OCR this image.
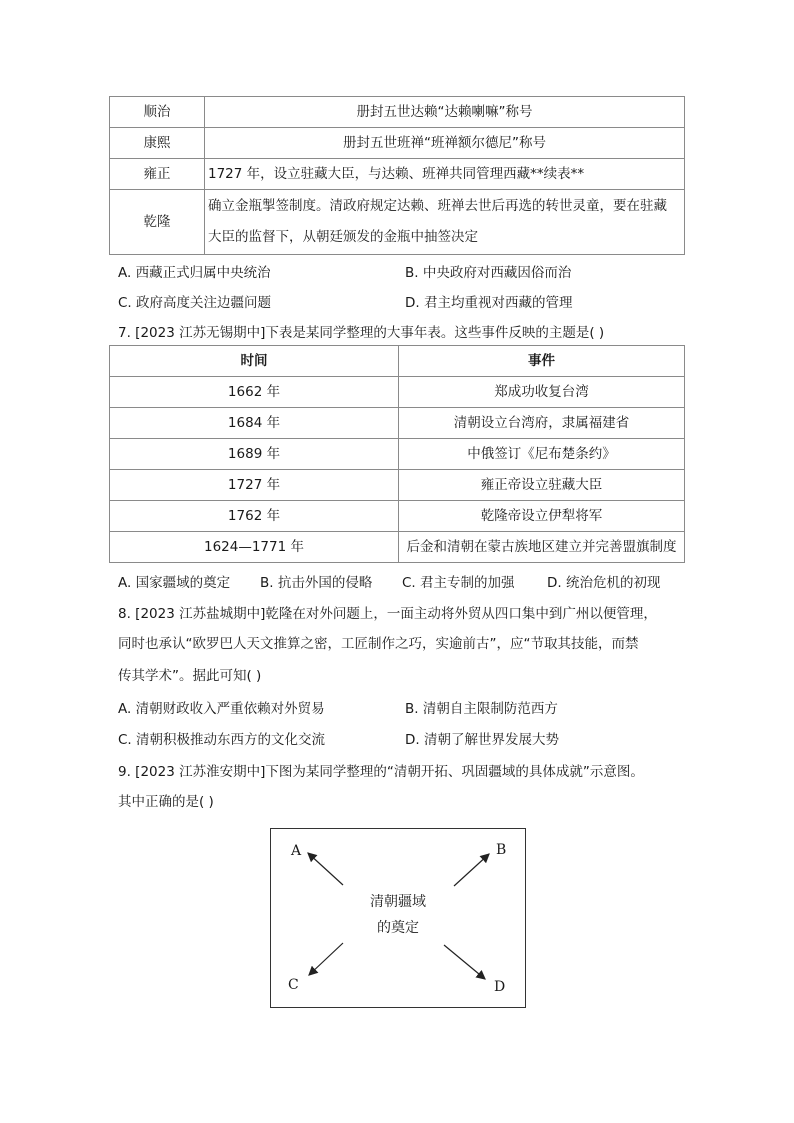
顺治	册封五世达赖“达赖喇嘛”称号
康熙	册封五世班禅“班禅额尔德尼”称号
雍正	1727 年，设立驻藏大臣，与达赖、班禅共同管理西藏**续表**
乾隆	确立金瓶掣签制度。清政府规定达赖、班禅去世后再选的转世灵童，要在驻藏
大臣的监督下，从朝廷颁发的金瓶中抽签决定
A. 西藏正式归属中央统治	B. 中央政府对西藏因俗而治
C. 政府高度关注边疆问题	D. 君主均重视对西藏的管理
7. [2023 江苏无锡期中]下表是某同学整理的大事年表。这些事件反映的主题是( )
时间	事件
1662 年	郑成功收复台湾
1684 年	清朝设立台湾府，隶属福建省
1689 年	中俄签订《尼布楚条约》
1727 年	雍正帝设立驻藏大臣
1762 年	乾隆帝设立伊犁将军
1624—1771 年	后金和清朝在蒙古族地区建立并完善盟旗制度
A. 国家疆域的奠定 B. 抗击外国的侵略 C. 君主专制的加强 D. 统治危机的初现
8. [2023 江苏盐城期中]乾隆在对外问题上，一面主动将外贸从四口集中到广州以便管理，
同时也承认“欧罗巴人天文推算之密，工匠制作之巧，实逾前古”，应“节取其技能，而禁
传其学术”。据此可知( )
A. 清朝财政收入严重依赖对外贸易	B. 清朝自主限制防范西方
C. 清朝积极推动东西方的文化交流	D. 清朝了解世界发展大势
9. [2023 江苏淮安期中]下图为某同学整理的“清朝开拓、巩固疆域的具体成就”示意图。
其中正确的是( )
A	B
C	D
清朝疆域
的奠定
